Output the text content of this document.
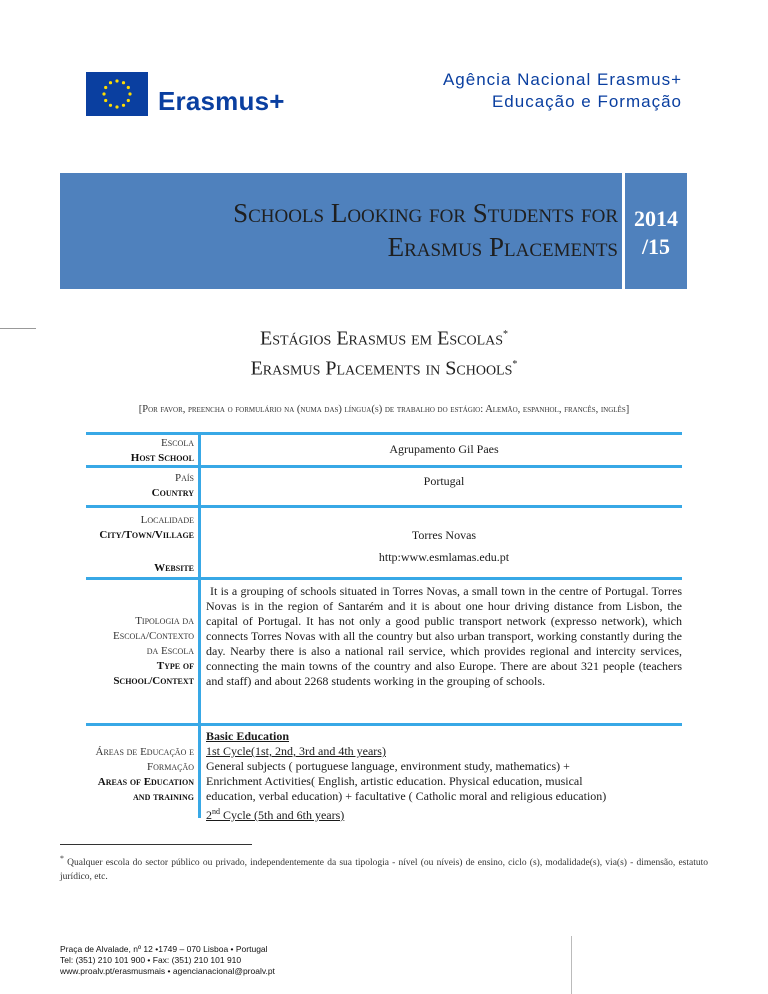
Erasmus+
Agência Nacional Erasmus+
Educação e Formação
Schools Looking for Students for
Erasmus Placements
2014
/15
Estágios Erasmus em Escolas*
Erasmus Placements in Schools*
[Por favor, preencha o formulário na (numa das) língua(s) de trabalho do estágio: Alemão, espanhol, francês, inglês]
Escola
Host School
Agrupamento Gil Paes
País
Country
Portugal
Localidade
City/Town/Village	Torres Novas
Website
http:www.esmlamas.edu.pt
Tipologia da
Escola/Contexto
da Escola
Type of
School/Context
It is a grouping of schools situated in Torres Novas, a small town in the centre of Portugal. Torres Novas is in the region of Santarém and it is about one hour driving distance from Lisbon, the capital of Portugal. It has not only a good public transport network (expresso network), which connects Torres Novas with all the country but also urban transport, working constantly during the day. Nearby there is also a national rail service, which provides regional and intercity services, connecting the main towns of the country and also Europe. There are about 321 people (teachers and staff) and about 2268 students working in the grouping of schools.
Áreas de Educação e
Formação
Areas of Education
and training
Basic Education
1st Cycle(1st, 2nd, 3rd and 4th years)
General subjects ( portuguese language, environment study, mathematics) +
Enrichment Activities( English, artistic education. Physical education, musical
education, verbal education) + facultative ( Catholic moral and religious education)
2nd Cycle (5th and 6th years)
* Qualquer escola do sector público ou privado, independentemente da sua tipologia - nível (ou níveis) de ensino, ciclo (s), modalidade(s), via(s) - dimensão, estatuto jurídico, etc.
Praça de Alvalade, nº 12 •1749 – 070 Lisboa • Portugal
Tel: (351) 210 101 900 • Fax: (351) 210 101 910
www.proalv.pt/erasmusmais • agencianacional@proalv.pt
